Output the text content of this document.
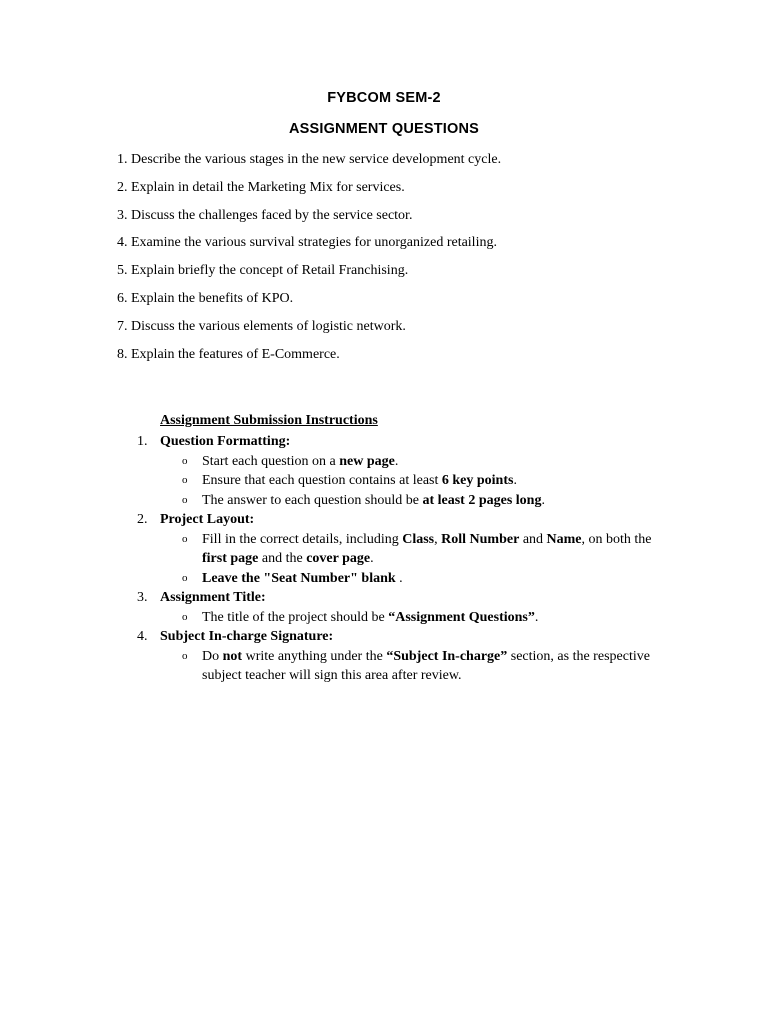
FYBCOM SEM-2
ASSIGNMENT QUESTIONS
1. Describe the various stages in the new service development cycle.
2. Explain in detail the Marketing Mix for services.
3. Discuss the challenges faced by the service sector.
4. Examine the various survival strategies for unorganized retailing.
5. Explain briefly the concept of Retail Franchising.
6. Explain the benefits of KPO.
7. Discuss the various elements of logistic network.
8. Explain the features of E-Commerce.
Assignment Submission Instructions
1. Question Formatting:
o Start each question on a new page.
o Ensure that each question contains at least 6 key points.
o The answer to each question should be at least 2 pages long.
2. Project Layout:
o Fill in the correct details, including Class, Roll Number and Name, on both the first page and the cover page.
o Leave the "Seat Number" blank .
3. Assignment Title:
o The title of the project should be “Assignment Questions”.
4. Subject In-charge Signature:
o Do not write anything under the “Subject In-charge” section, as the respective subject teacher will sign this area after review.
